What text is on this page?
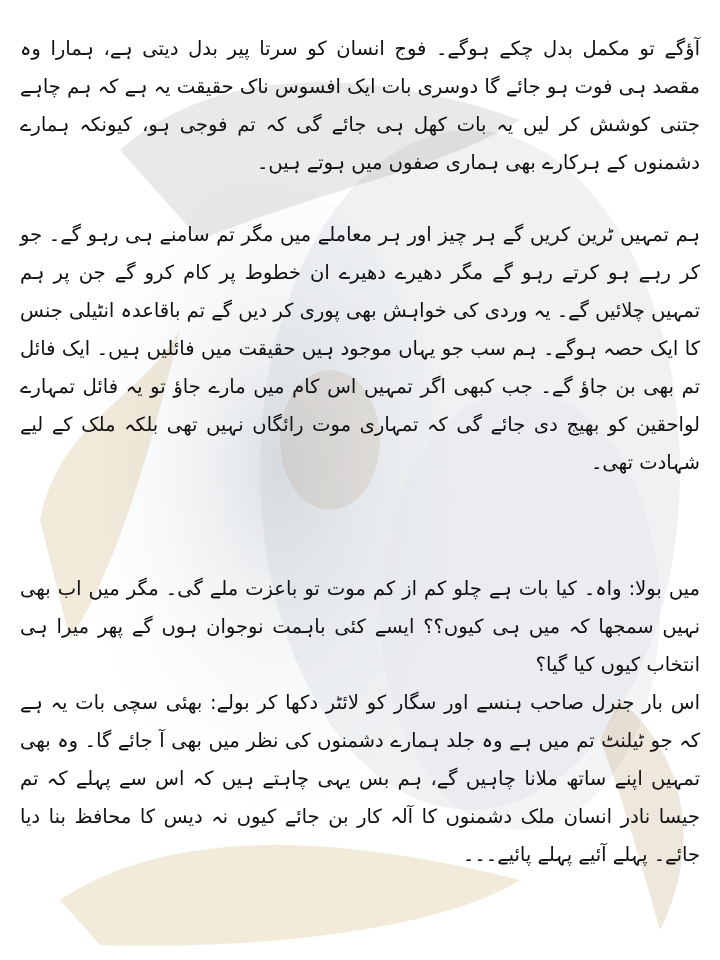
آؤگے تو مکمل بدل چکے ہوگے۔ فوج انسان کو سرتا پیر بدل دیتی ہے، ہمارا وہ مقصد ہی فوت ہو جائے گا دوسری بات ایک افسوس ناک حقیقت یہ ہے کہ ہم چاہے جتنی کوشش کر لیں یہ بات کھل ہی جائے گی کہ تم فوجی ہو، کیونکہ ہمارے دشمنوں کے ہرکارے بھی ہماری صفوں میں ہوتے ہیں۔

ہم تمہیں ٹرین کریں گے ہر چیز اور ہر معاملے میں مگر تم سامنے ہی رہو گے۔ جو کر رہے ہو کرتے رہو گے مگر دھیرے دھیرے ان خطوط پر کام کرو گے جن پر ہم تمہیں چلائیں گے۔ یہ وردی کی خواہش بھی پوری کر دیں گے تم باقاعدہ انٹیلی جنس کا ایک حصہ ہوگے۔ ہم سب جو یہاں موجود ہیں حقیقت میں فائلیں ہیں۔ ایک فائل تم بھی بن جاؤ گے۔ جب کبھی اگر تمہیں اس کام میں مارے جاؤ تو یہ فائل تمہارے لواحقین کو بھیج دی جائے گی کہ تمہاری موت رائگاں نہیں تھی بلکہ ملک کے لیے شہادت تھی۔

میں بولا: واہ۔ کیا بات ہے چلو کم از کم موت تو باعزت ملے گی۔ مگر میں اب بھی نہیں سمجھا کہ میں ہی کیوں؟؟ ایسے کئی باہمت نوجوان ہوں گے پھر میرا ہی انتخاب کیوں کیا گیا؟

اس بار جنرل صاحب ہنسے اور سگار کو لائٹر دکھا کر بولے: بھئی سچی بات یہ ہے کہ جو ٹیلنٹ تم میں ہے وہ جلد ہمارے دشمنوں کی نظر میں بھی آ جائے گا۔ وہ بھی تمہیں اپنے ساتھ ملانا چاہیں گے، ہم بس یہی چاہتے ہیں کہ اس سے پہلے کہ تم جیسا نادر انسان ملک دشمنوں کا آلہ کار بن جائے کیوں نہ دیس کا محافظ بنا دیا جائے۔ پہلے آئیے پہلے پائیے۔۔۔
